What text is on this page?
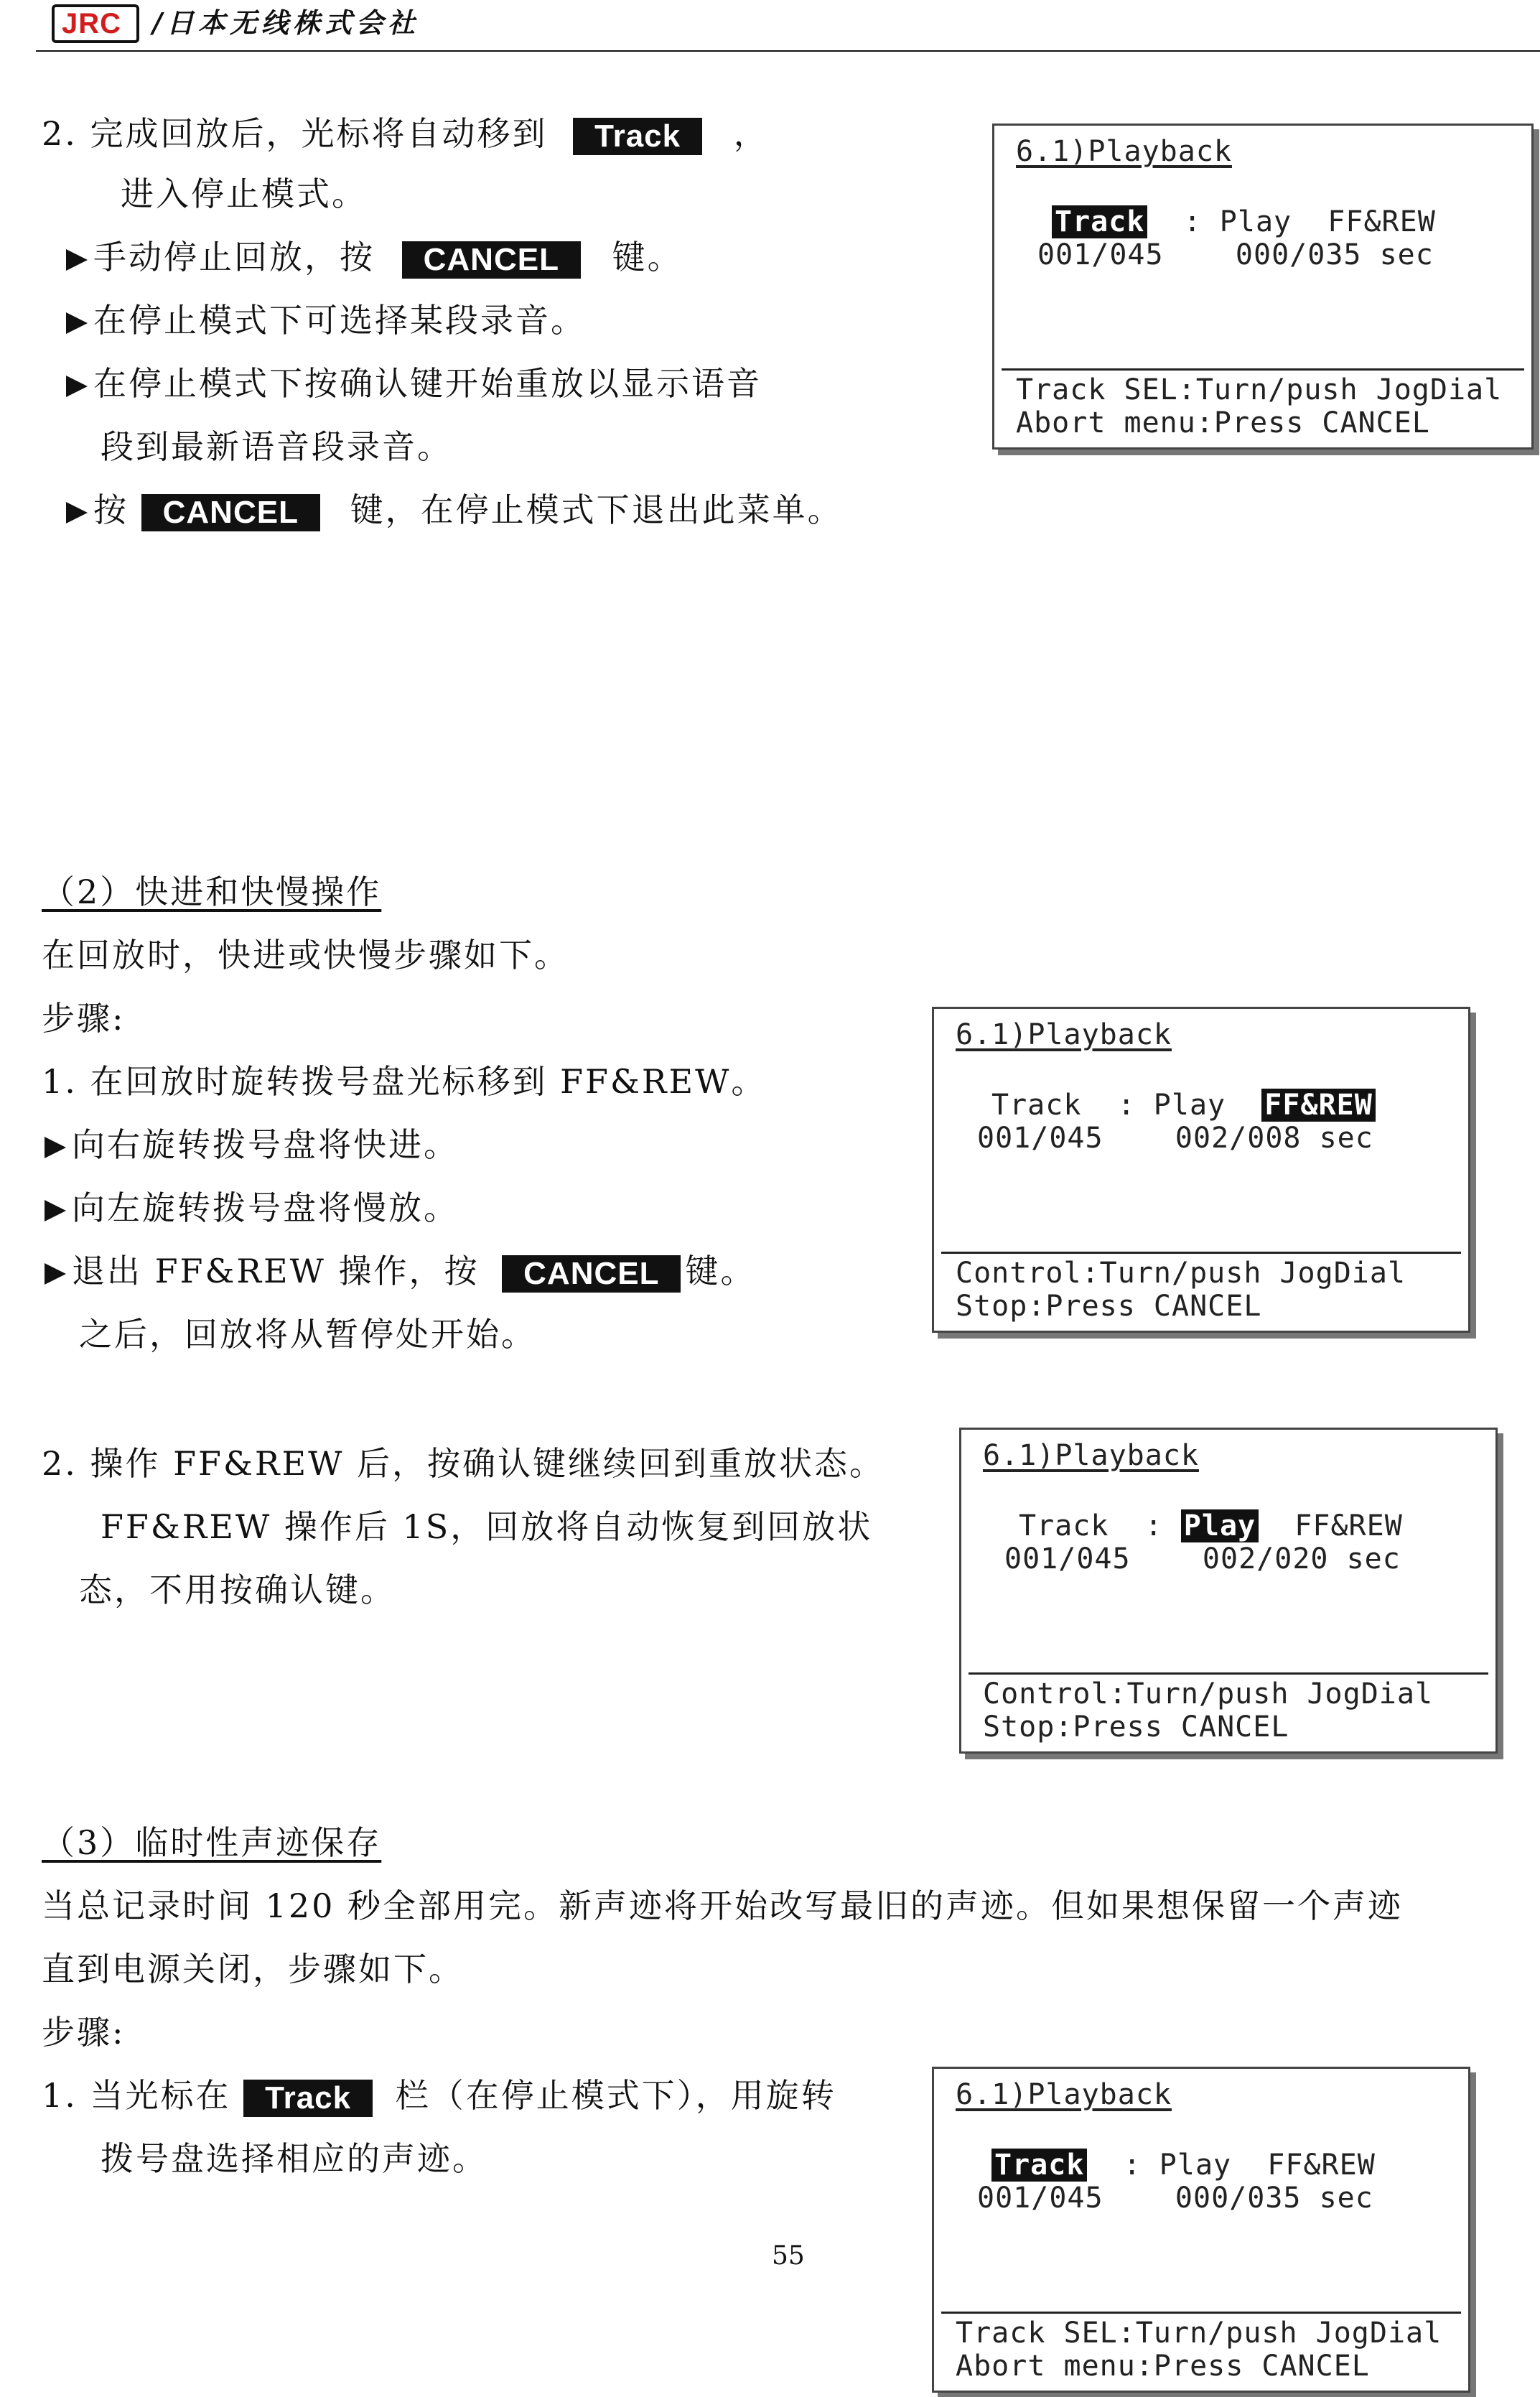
JRC /日本无线株式会社
2. 完成回放后，光标将自动移到 Track ，
进入停止模式。
手动停止回放，按 CANCEL 键。
在停止模式下可选择某段录音。
在停止模式下按确认键开始重放以显示语音
段到最新语音段录音。
按 CANCEL 键，在停止模式下退出此菜单。
6.1)Playback
Track : Play FF&REW
001/045	000/035 sec
Track SEL:Turn/push JogDial
Abort menu:Press CANCEL
（2）快进和快慢操作
在回放时，快进或快慢步骤如下。
步骤:
1. 在回放时旋转拨号盘光标移到 FF&REW。
向右旋转拨号盘将快进。
向左旋转拨号盘将慢放。
退出 FF&REW 操作，按 CANCEL 键。
之后，回放将从暂停处开始。
6.1)Playback
Track : Play FF&REW
001/045	002/008 sec
Control:Turn/push JogDial
Stop:Press CANCEL
2. 操作 FF&REW 后，按确认键继续回到重放状态。
FF&REW 操作后 1S，回放将自动恢复到回放状
态，不用按确认键。
6.1)Playback
Track : Play FF&REW
001/045	002/020 sec
Control:Turn/push JogDial
Stop:Press CANCEL
（3）临时性声迹保存
当总记录时间 120 秒全部用完。新声迹将开始改写最旧的声迹。但如果想保留一个声迹
直到电源关闭，步骤如下。
步骤:
1. 当光标在 Track 栏（在停止模式下），用旋转
拨号盘选择相应的声迹。
6.1)Playback
Track : Play FF&REW
001/045	000/035 sec
Track SEL:Turn/push JogDial
Abort menu:Press CANCEL
55
